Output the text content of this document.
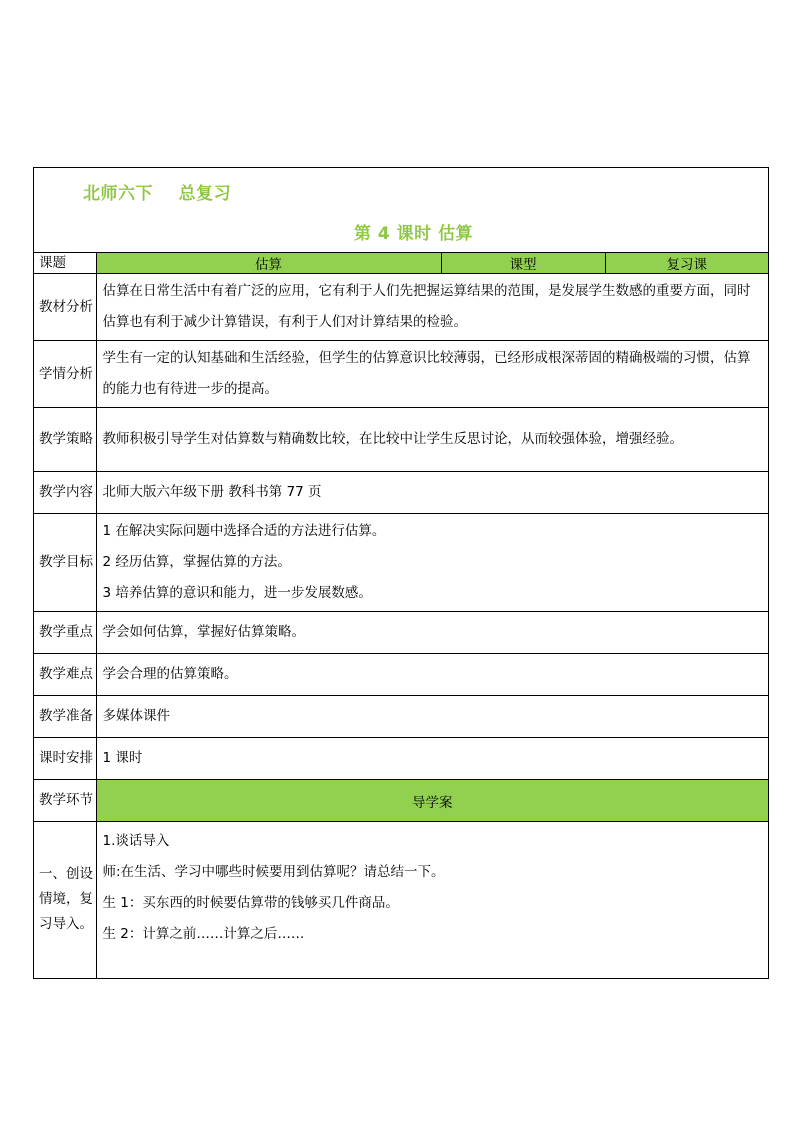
北师六下    总复习
第 4 课时 估算
课题	估算	课型	复习课
教材分析	估算在日常生活中有着广泛的应用，它有利于人们先把握运算结果的范围，是发展学生数感的重要方面，同时估算也有利于减少计算错误，有利于人们对计算结果的检验。		
学情分析	学生有一定的认知基础和生活经验，但学生的估算意识比较薄弱，已经形成根深蒂固的精确极端的习惯，估算的能力也有待进一步的提高。		
教学策略	教师积极引导学生对估算数与精确数比较，在比较中让学生反思讨论，从而较强体验，增强经验。		
教学内容	北师大版六年级下册 教科书第 77 页		
教学目标	1 在解决实际问题中选择合适的方法进行估算。
2 经历估算，掌握估算的方法。
3 培养估算的意识和能力，进一步发展数感。		

教学重点	学会如何估算，掌握好估算策略。		
教学难点	学会合理的估算策略。		
教学准备	多媒体课件		
课时安排	1 课时		
教学环节	导学案		
一、创设情境，复习导入。	1.谈话导入
师:在生活、学习中哪些时候要用到估算呢？请总结一下。
生 1：买东西的时候要估算带的钱够买几件商品。
生 2：计算之前……计算之后……		
